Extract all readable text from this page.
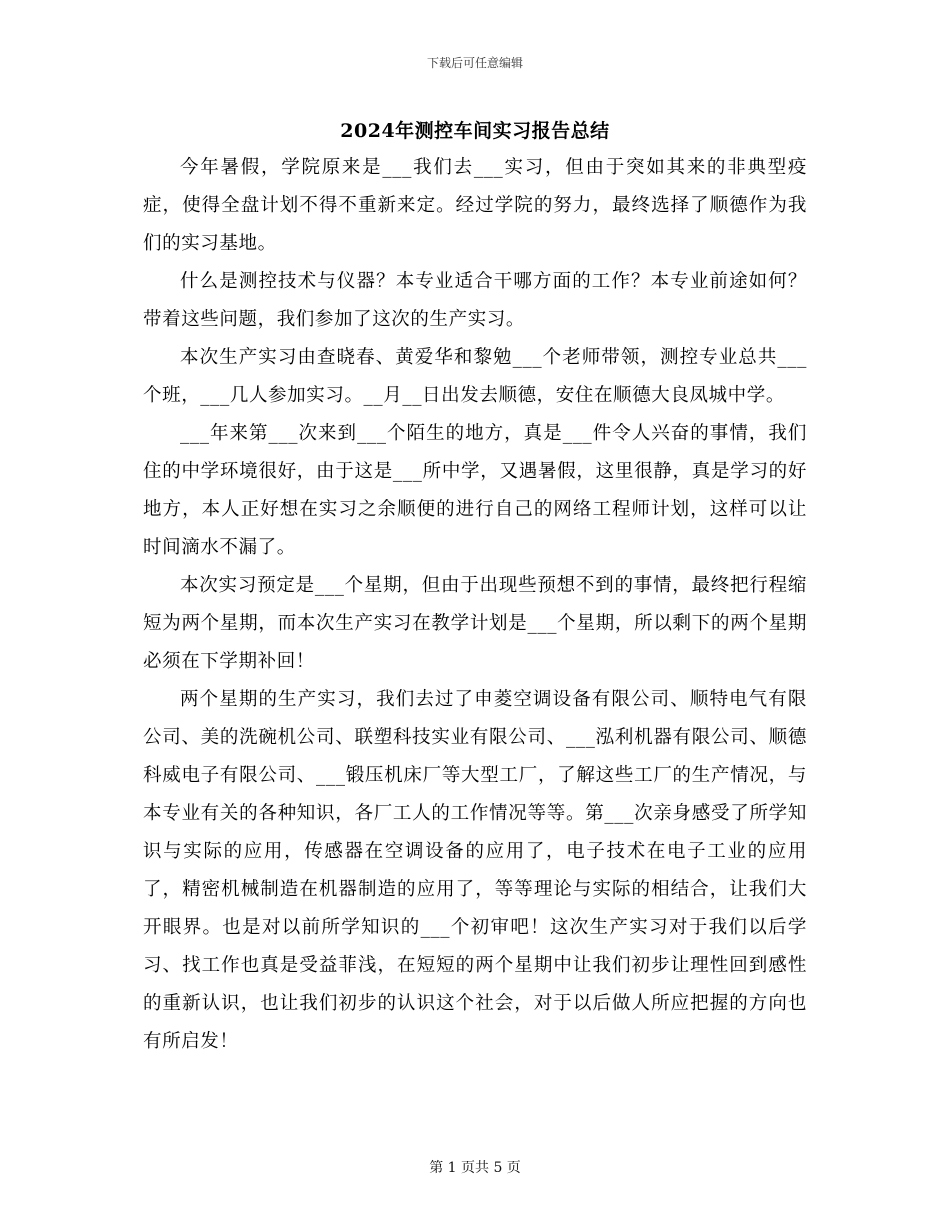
下载后可任意编辑
2024年测控车间实习报告总结

今年暑假，学院原来是___我们去___实习，但由于突如其来的非典型疫症，使得全盘计划不得不重新来定。经过学院的努力，最终选择了顺德作为我们的实习基地。

什么是测控技术与仪器？本专业适合干哪方面的工作？本专业前途如何？带着这些问题，我们参加了这次的生产实习。

本次生产实习由查晓春、黄爱华和黎勉___个老师带领，测控专业总共___个班，___几人参加实习。__月__日出发去顺德，安住在顺德大良凤城中学。

___年来第___次来到___个陌生的地方，真是___件令人兴奋的事情，我们住的中学环境很好，由于这是___所中学，又遇暑假，这里很静，真是学习的好地方，本人正好想在实习之余顺便的进行自己的网络工程师计划，这样可以让时间滴水不漏了。

本次实习预定是___个星期，但由于出现些预想不到的事情，最终把行程缩短为两个星期，而本次生产实习在教学计划是___个星期，所以剩下的两个星期必须在下学期补回！

两个星期的生产实习，我们去过了申菱空调设备有限公司、顺特电气有限公司、美的洗碗机公司、联塑科技实业有限公司、___泓利机器有限公司、顺德科威电子有限公司、___锻压机床厂等大型工厂，了解这些工厂的生产情况，与本专业有关的各种知识，各厂工人的工作情况等等。第___次亲身感受了所学知识与实际的应用，传感器在空调设备的应用了，电子技术在电子工业的应用了，精密机械制造在机器制造的应用了，等等理论与实际的相结合，让我们大开眼界。也是对以前所学知识的___个初审吧！这次生产实习对于我们以后学习、找工作也真是受益菲浅，在短短的两个星期中让我们初步让理性回到感性的重新认识，也让我们初步的认识这个社会，对于以后做人所应把握的方向也有所启发！

第 1 页共 5 页
